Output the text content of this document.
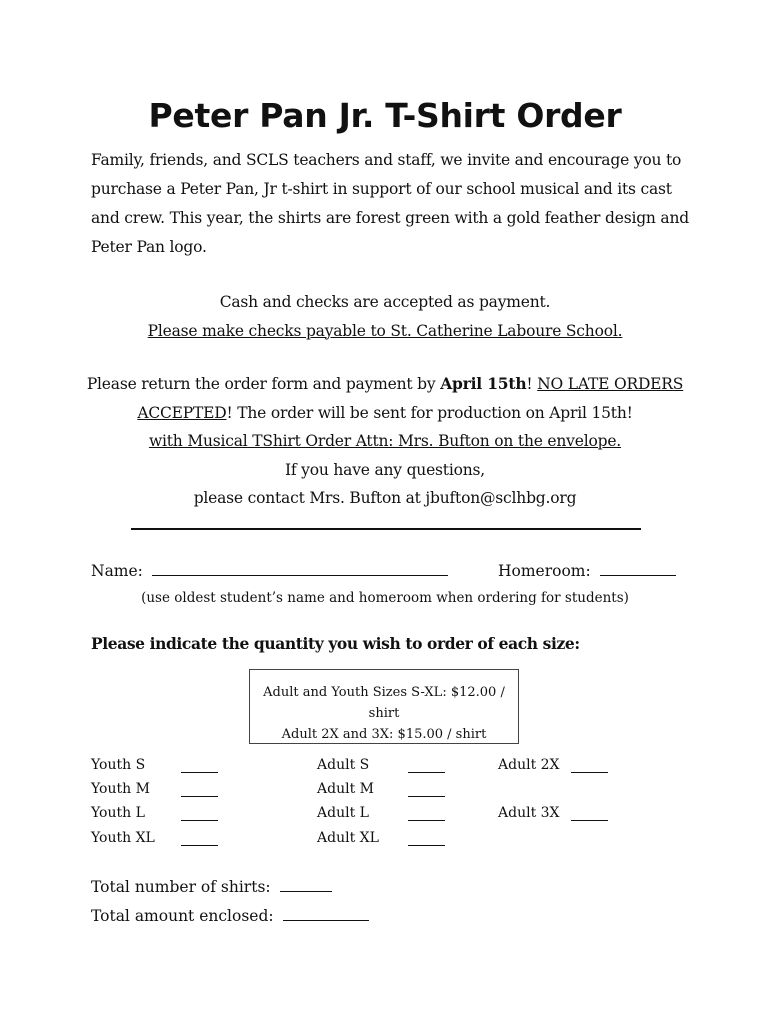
Peter Pan Jr. T-Shirt Order
Family, friends, and SCLS teachers and staff, we invite and encourage you to purchase a Peter Pan, Jr t-shirt in support of our school musical and its cast and crew. This year, the shirts are forest green with a gold feather design and Peter Pan logo.
Cash and checks are accepted as payment.
Please make checks payable to St. Catherine Laboure School.
Please return the order form and payment by April 15th! NO LATE ORDERS ACCEPTED! The order will be sent for production on April 15th!
with Musical TShirt Order Attn: Mrs. Bufton on the envelope.
If you have any questions,
please contact Mrs. Bufton at jbufton@sclhbg.org
Name:	Homeroom:
(use oldest student’s name and homeroom when ordering for students)
Please indicate the quantity you wish to order of each size:
Adult and Youth Sizes S-XL: $12.00 / shirt
Adult 2X and 3X: $15.00 / shirt
Youth S
Youth M
Youth L
Youth XL
Adult S
Adult M
Adult L
Adult XL
Adult 2X
Adult 3X
Total number of shirts:
Total amount enclosed:
